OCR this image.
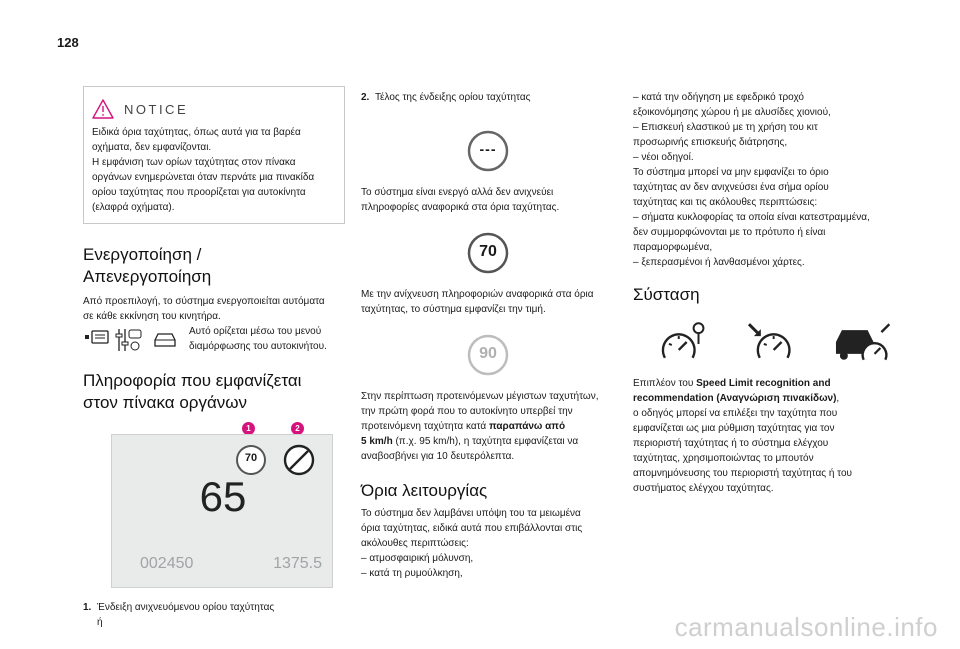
128
NOTICE
Ειδικά όρια ταχύτητας, όπως αυτά για τα βαρέα
οχήματα, δεν εμφανίζονται.
Η εμφάνιση των ορίων ταχύτητας στον πίνακα
οργάνων ενημερώνεται όταν περνάτε μια πινακίδα
ορίου ταχύτητας που προορίζεται για αυτοκίνητα
(ελαφρά οχήματα).
Ενεργοποίηση /
Απενεργοποίηση
Από προεπιλογή, το σύστημα ενεργοποιείται αυτόματα
σε κάθε εκκίνηση του κινητήρα.
Αυτό ορίζεται μέσω του μενού
διαμόρφωσης του αυτοκινήτου.
Πληροφορία που εμφανίζεται
στον πίνακα οργάνων
1	2
70
65
002450	1375.5
1. Ένδειξη ανιχνευόμενου ορίου ταχύτητας
ή
2. Τέλος της ένδειξης ορίου ταχύτητας
---
Το σύστημα είναι ενεργό αλλά δεν ανιχνεύει
πληροφορίες αναφορικά στα όρια ταχύτητας.
70
Με την ανίχνευση πληροφοριών αναφορικά στα όρια
ταχύτητας, το σύστημα εμφανίζει την τιμή.
90
Στην περίπτωση προτεινόμενων μέγιστων ταχυτήτων,
την πρώτη φορά που το αυτοκίνητο υπερβεί την
προτεινόμενη ταχύτητα κατά παραπάνω από
5 km/h (π.χ. 95 km/h), η ταχύτητα εμφανίζεται να
αναβοσβήνει για 10 δευτερόλεπτα.
Όρια λειτουργίας
Το σύστημα δεν λαμβάνει υπόψη του τα μειωμένα
όρια ταχύτητας, ειδικά αυτά που επιβάλλονται στις
ακόλουθες περιπτώσεις:
– ατμοσφαιρική μόλυνση,
– κατά τη ρυμούλκηση,
– κατά την οδήγηση με εφεδρικό τροχό
εξοικονόμησης χώρου ή με αλυσίδες χιονιού,
– Επισκευή ελαστικού με τη χρήση του κιτ
προσωρινής επισκευής διάτρησης,
– νέοι οδηγοί.
Το σύστημα μπορεί να μην εμφανίζει το όριο
ταχύτητας αν δεν ανιχνεύσει ένα σήμα ορίου
ταχύτητας και τις ακόλουθες περιπτώσεις:
– σήματα κυκλοφορίας τα οποία είναι κατεστραμμένα,
δεν συμμορφώνονται με το πρότυπο ή είναι
παραμορφωμένα,
– ξεπερασμένοι ή λανθασμένοι χάρτες.
Σύσταση
Επιπλέον του Speed Limit recognition and
recommendation (Αναγνώριση πινακίδων),
ο οδηγός μπορεί να επιλέξει την ταχύτητα που
εμφανίζεται ως μια ρύθμιση ταχύτητας για τον
περιοριστή ταχύτητας ή το σύστημα ελέγχου
ταχύτητας, χρησιμοποιώντας το μπουτόν
απομνημόνευσης του περιοριστή ταχύτητας ή του
συστήματος ελέγχου ταχύτητας.
carmanualsonline.info
